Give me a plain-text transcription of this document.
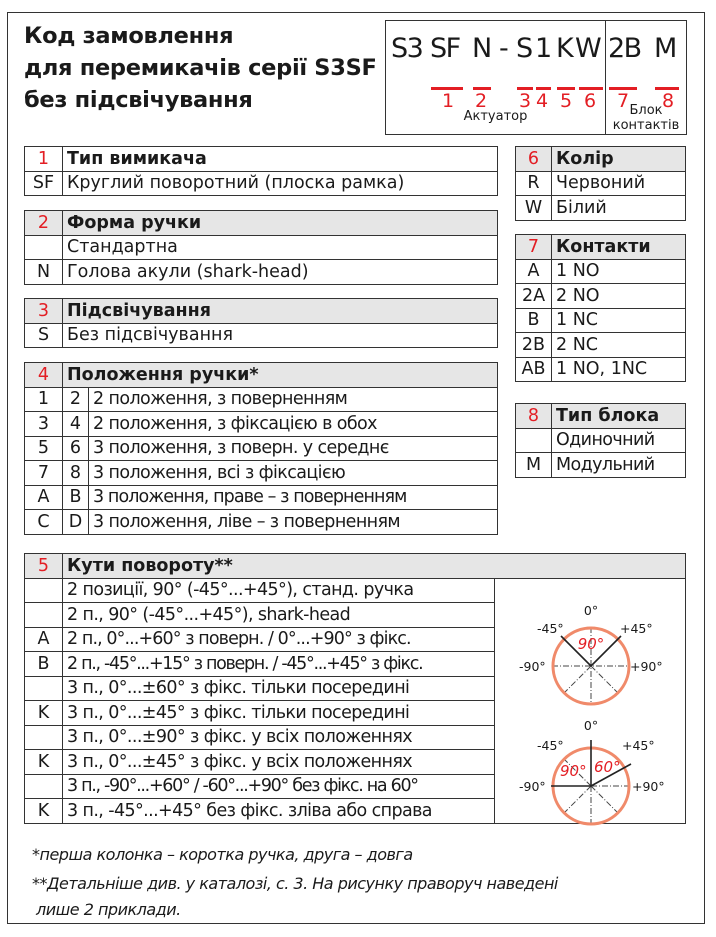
Код замовлення
для перемикачів серії S3SF
без підсвічування
S3 SF N - S 1 K W 2B M
1 2 3 4 5 6 7 8
Актуатор	Блок
контактів
1	Тип вимикача
SF	Круглий поворотний (плоска рамка)
2	Форма ручки
	Стандартна
N	Голова акули (shark-head)
3	Підсвічування
S	Без підсвічування
4	Положення ручки*	
1	2	2 положення, з поверненням
3	4	2 положення, з фіксацією в обох
5	6	3 положення, з поверн. у середнє
7	8	3 положення, всі з фіксацією
A	B	3 положення, праве – з поверненням
C	D	3 положення, ліве – з поверненням
5	Кути повороту**	
	2 позиції, 90° (-45°...+45°), станд. ручка	
	2 п., 90° (-45°...+45°), shark-head	
A	2 п., 0°...+60° з поверн. / 0°...+90° з фікс.	
B	2 п., -45°...+15° з поверн. / -45°...+45° з фікс.	
	3 п., 0°...±60° з фікс. тільки посередині	
K	3 п., 0°...±45° з фікс. тільки посередині	
	3 п., 0°...±90° з фікс. у всіх положеннях	
K	3 п., 0°...±45° з фікс. у всіх положеннях	
	3 п., -90°...+60° / -60°...+90° без фікс. на 60°	
K	3 п., -45°...+45° без фікс. зліва або справа	
6	Колір
R	Червоний
W	Білий
7	Контакти
A	1 NO
2A	2 NO
B	1 NC
2B	2 NC
AB	1 NO, 1NC
8	Тип блока
	Одиночний
M	Модульний
0°
-45°	+45°
-90°	+90°
90°
0°
-45°	+45°
-90°	+90°
90° 60°
*перша колонка – коротка ручка, друга – довга
**Детальніше див. у каталозі, с. 3. На рисунку праворуч наведені
лише 2 приклади.
